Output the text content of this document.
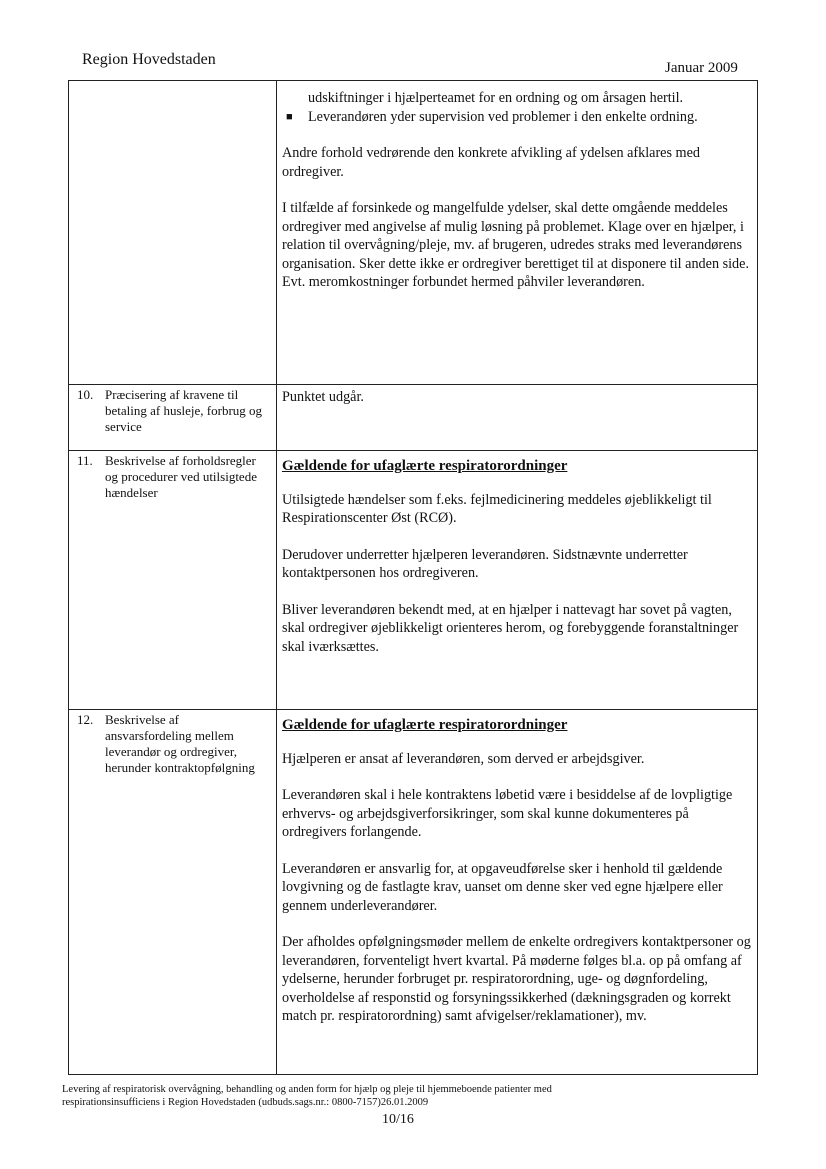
Region Hovedstaden	Januar 2009
udskiftninger i hjælperteamet for en ordning og om årsagen hertil.
■ Leverandøren yder supervision ved problemer i den enkelte ordning.

Andre forhold vedrørende den konkrete afvikling af ydelsen afklares med ordregiver.

I tilfælde af forsinkede og mangelfulde ydelser, skal dette omgående meddeles ordregiver med angivelse af mulig løsning på problemet. Klage over en hjælper, i relation til overvågning/pleje, mv. af brugeren, udredes straks med leverandørens organisation. Sker dette ikke er ordregiver berettiget til at disponere til anden side. Evt. meromkostninger forbundet hermed påhviler leverandøren.

10. Præcisering af kravene til betaling af husleje, forbrug og service

Punktet udgår.

11. Beskrivelse af forholdsregler og procedurer ved utilsigtede hændelser
Gældende for ufaglærte respiratorordninger

Utilsigtede hændelser som f.eks. fejlmedicinering meddeles øjeblikkeligt til Respirationscenter Øst (RCØ).

Derudover underretter hjælperen leverandøren. Sidstnævnte underretter kontaktpersonen hos ordregiveren.

Bliver leverandøren bekendt med, at en hjælper i nattevagt har sovet på vagten, skal ordregiver øjeblikkeligt orienteres herom, og forebyggende foranstaltninger skal iværksættes.

12. Beskrivelse af ansvarsfordeling mellem leverandør og ordregiver, herunder kontraktopfølgning
Gældende for ufaglærte respiratorordninger

Hjælperen er ansat af leverandøren, som derved er arbejdsgiver.

Leverandøren skal i hele kontraktens løbetid være i besiddelse af de lovpligtige erhvervs- og arbejdsgiverforsikringer, som skal kunne dokumenteres på ordregivers forlangende.

Leverandøren er ansvarlig for, at opgaveudførelse sker i henhold til gældende lovgivning og de fastlagte krav, uanset om denne sker ved egne hjælpere eller gennem underleverandører.

Der afholdes opfølgningsmøder mellem de enkelte ordregivers kontaktpersoner og leverandøren, forventeligt hvert kvartal. På møderne følges bl.a. op på omfang af ydelserne, herunder forbruget pr. respiratorordning, uge- og døgnfordeling, overholdelse af responstid og forsyningssikkerhed (dækningsgraden og korrekt match pr. respiratorordning) samt afvigelser/reklamationer), mv.

Levering af respiratorisk overvågning, behandling og anden form for hjælp og pleje til hjemmeboende patienter med
respirationsinsufficiens i Region Hovedstaden (udbuds.sags.nr.: 0800-7157)26.01.2009
10/16
